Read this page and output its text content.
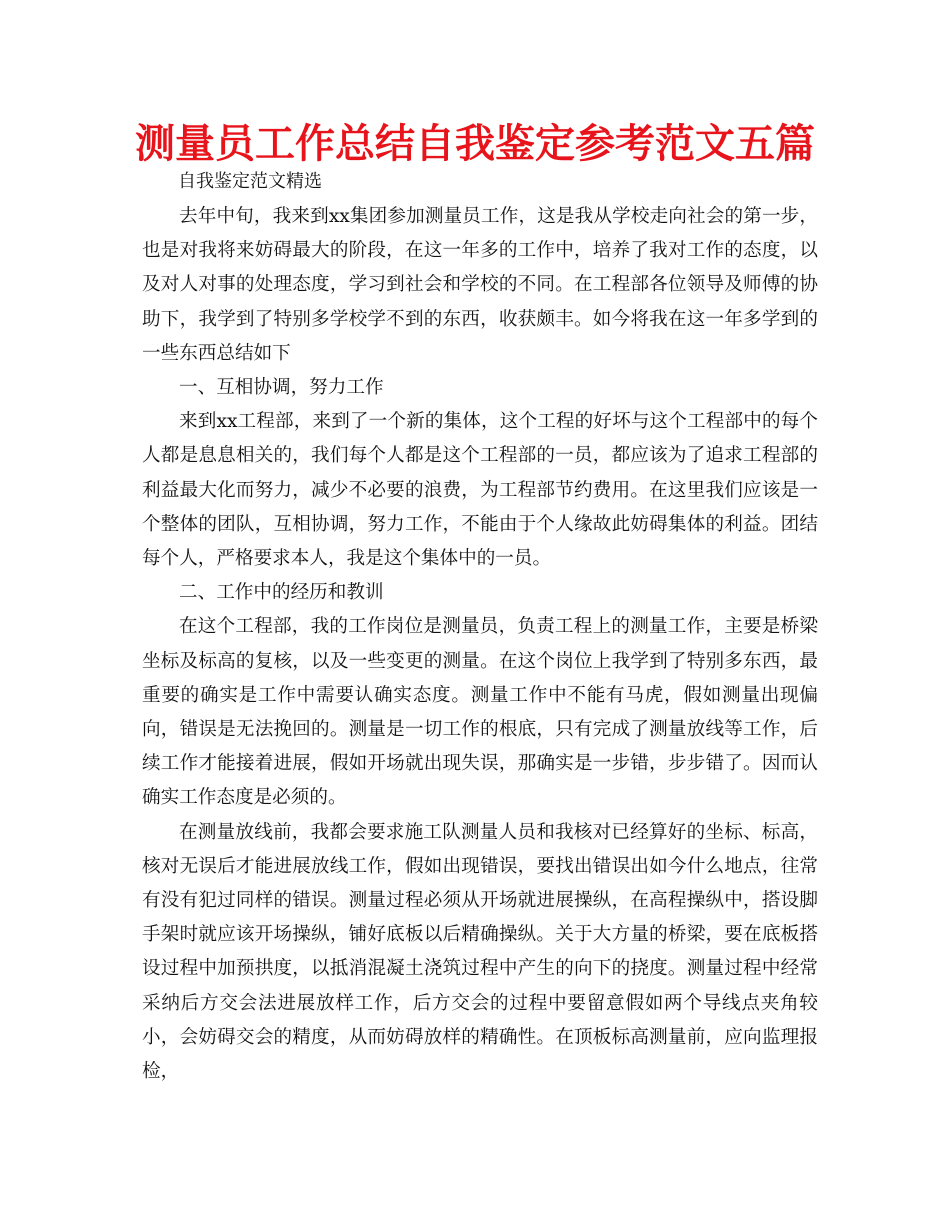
测量员工作总结自我鉴定参考范文五篇
自我鉴定范文精选

去年中旬，我来到xx集团参加测量员工作，这是我从学校走向社会的第一步，也是对我将来妨碍最大的阶段，在这一年多的工作中，培养了我对工作的态度，以及对人对事的处理态度，学习到社会和学校的不同。在工程部各位领导及师傅的协助下，我学到了特别多学校学不到的东西，收获颇丰。如今将我在这一年多学到的一些东西总结如下

一、互相协调，努力工作

来到xx工程部，来到了一个新的集体，这个工程的好坏与这个工程部中的每个人都是息息相关的，我们每个人都是这个工程部的一员，都应该为了追求工程部的利益最大化而努力，减少不必要的浪费，为工程部节约费用。在这里我们应该是一个整体的团队，互相协调，努力工作，不能由于个人缘故此妨碍集体的利益。团结每个人，严格要求本人，我是这个集体中的一员。

二、工作中的经历和教训

在这个工程部，我的工作岗位是测量员，负责工程上的测量工作，主要是桥梁坐标及标高的复核，以及一些变更的测量。在这个岗位上我学到了特别多东西，最重要的确实是工作中需要认确实态度。测量工作中不能有马虎，假如测量出现偏向，错误是无法挽回的。测量是一切工作的根底，只有完成了测量放线等工作，后续工作才能接着进展，假如开场就出现失误，那确实是一步错，步步错了。因而认确实工作态度是必须的。

在测量放线前，我都会要求施工队测量人员和我核对已经算好的坐标、标高，核对无误后才能进展放线工作，假如出现错误，要找出错误出如今什么地点，往常有没有犯过同样的错误。测量过程必须从开场就进展操纵，在高程操纵中，搭设脚手架时就应该开场操纵，铺好底板以后精确操纵。关于大方量的桥梁，要在底板搭设过程中加预拱度，以抵消混凝土浇筑过程中产生的向下的挠度。测量过程中经常采纳后方交会法进展放样工作，后方交会的过程中要留意假如两个导线点夹角较小，会妨碍交会的精度，从而妨碍放样的精确性。在顶板标高测量前，应向监理报检，
